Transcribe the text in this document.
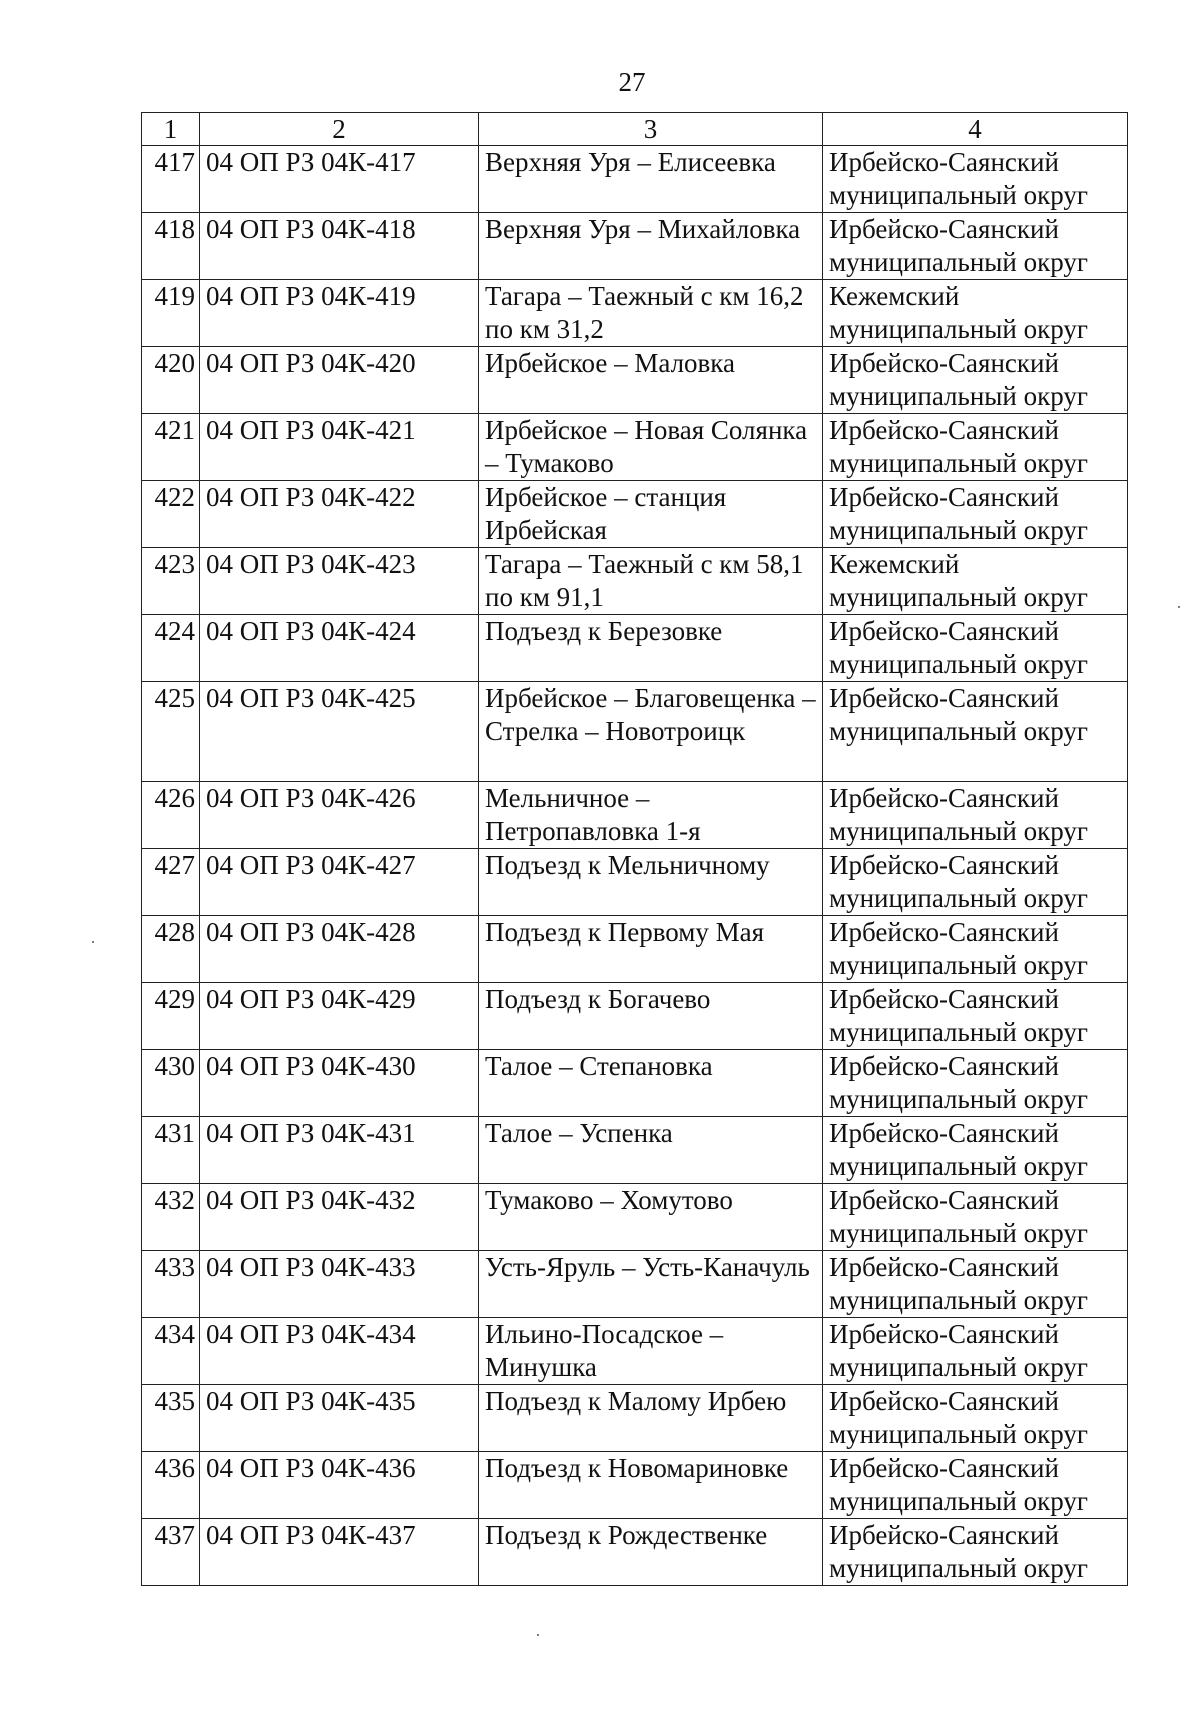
27
1	2	3	4
417	04 ОП РЗ 04К-417	Верхняя Уря – Елисеевка	Ирбейско-Саянский муниципальный округ
418	04 ОП РЗ 04К-418	Верхняя Уря – Михайловка	Ирбейско-Саянский муниципальный округ
419	04 ОП РЗ 04К-419	Тагара – Таежный с км 16,2 по км 31,2	Кежемский муниципальный округ
420	04 ОП РЗ 04К-420	Ирбейское – Маловка	Ирбейско-Саянский муниципальный округ
421	04 ОП РЗ 04К-421	Ирбейское – Новая Солянка – Тумаково	Ирбейско-Саянский муниципальный округ
422	04 ОП РЗ 04К-422	Ирбейское – станция Ирбейская	Ирбейско-Саянский муниципальный округ
423	04 ОП РЗ 04К-423	Тагара – Таежный с км 58,1 по км 91,1	Кежемский муниципальный округ
424	04 ОП РЗ 04К-424	Подъезд к Березовке	Ирбейско-Саянский муниципальный округ
425	04 ОП РЗ 04К-425	Ирбейское – Благовещенка – Стрелка – Новотроицк	Ирбейско-Саянский муниципальный округ
426	04 ОП РЗ 04К-426	Мельничное – Петропавловка 1-я	Ирбейско-Саянский муниципальный округ
427	04 ОП РЗ 04К-427	Подъезд к Мельничному	Ирбейско-Саянский муниципальный округ
428	04 ОП РЗ 04К-428	Подъезд к Первому Мая	Ирбейско-Саянский муниципальный округ
429	04 ОП РЗ 04К-429	Подъезд к Богачево	Ирбейско-Саянский муниципальный округ
430	04 ОП РЗ 04К-430	Талое – Степановка	Ирбейско-Саянский муниципальный округ
431	04 ОП РЗ 04К-431	Талое – Успенка	Ирбейско-Саянский муниципальный округ
432	04 ОП РЗ 04К-432	Тумаково – Хомутово	Ирбейско-Саянский муниципальный округ
433	04 ОП РЗ 04К-433	Усть-Яруль – Усть-Каначуль	Ирбейско-Саянский муниципальный округ
434	04 ОП РЗ 04К-434	Ильино-Посадское – Минушка	Ирбейско-Саянский муниципальный округ
435	04 ОП РЗ 04К-435	Подъезд к Малому Ирбею	Ирбейско-Саянский муниципальный округ
436	04 ОП РЗ 04К-436	Подъезд к Новомариновке	Ирбейско-Саянский муниципальный округ
437	04 ОП РЗ 04К-437	Подъезд к Рождественке	Ирбейско-Саянский муниципальный округ
